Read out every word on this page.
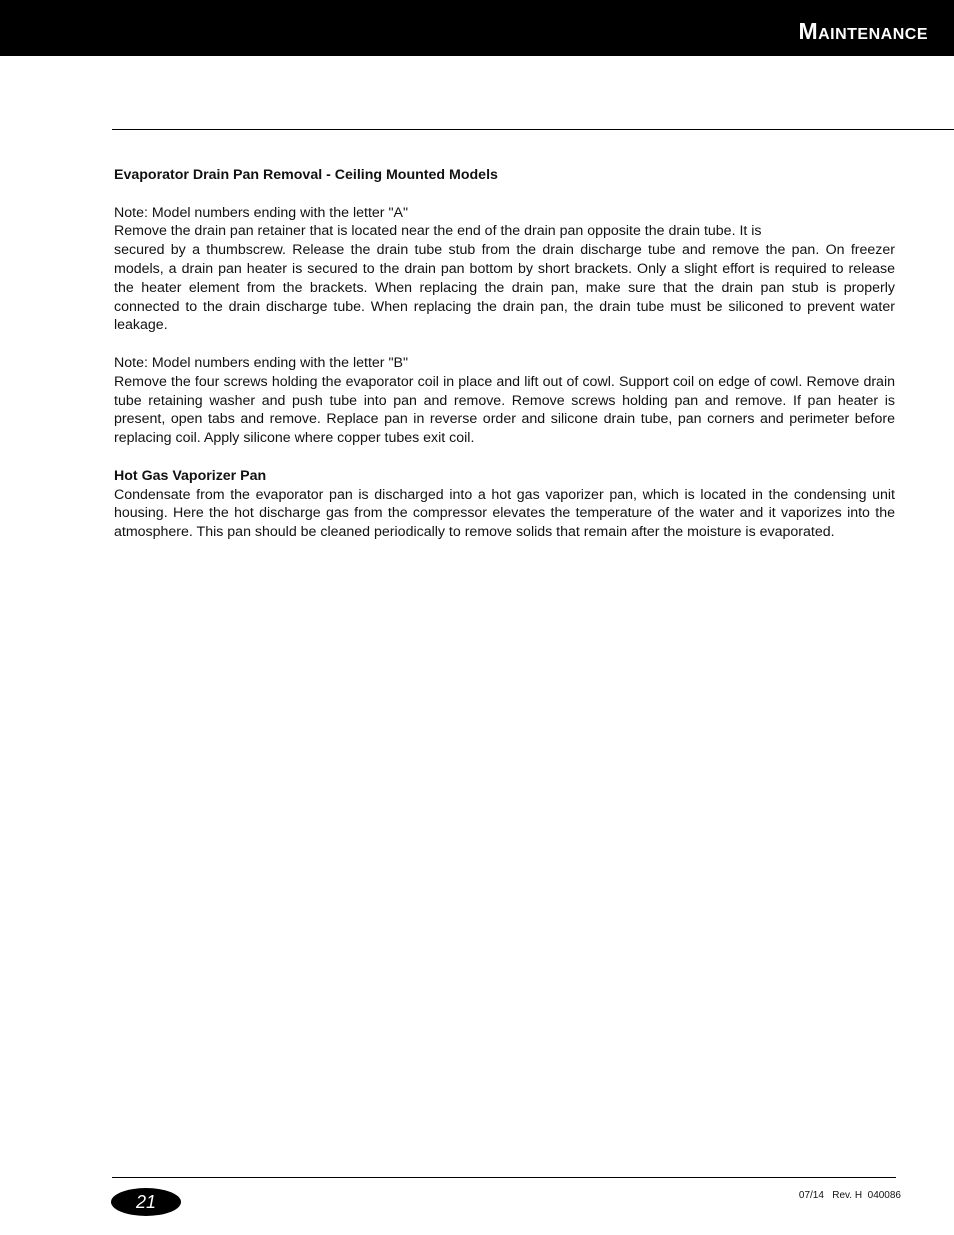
Maintenance

Evaporator Drain Pan Removal - Ceiling Mounted Models

Note: Model numbers ending with the letter "A"

Remove the drain pan retainer that is located near the end of the drain pan opposite the drain tube. It is

secured by a thumbscrew. Release the drain tube stub from the drain discharge tube and remove the pan. On freezer models, a drain pan heater is secured to the drain pan bottom by short brackets. Only a slight effort is required to release the heater element from the brackets. When replacing the drain pan, make sure that the drain pan stub is properly connected to the drain discharge tube. When replacing the drain pan, the drain tube must be siliconed to prevent water leakage.

Note: Model numbers ending with the letter "B"

Remove the four screws holding the evaporator coil in place and lift out of cowl. Support coil on edge of cowl. Remove drain tube retaining washer and push tube into pan and remove. Remove screws holding pan and remove. If pan heater is present, open tabs and remove. Replace pan in reverse order and silicone drain tube, pan corners and perimeter before replacing coil. Apply silicone where copper tubes exit coil.

Hot Gas Vaporizer Pan

Condensate from the evaporator pan is discharged into a hot gas vaporizer pan, which is located in the condensing unit housing. Here the hot discharge gas from the compressor elevates the temperature of the water and it vaporizes into the atmosphere. This pan should be cleaned periodically to remove solids that remain after the moisture is evaporated.

21	07/14   Rev. H  040086
